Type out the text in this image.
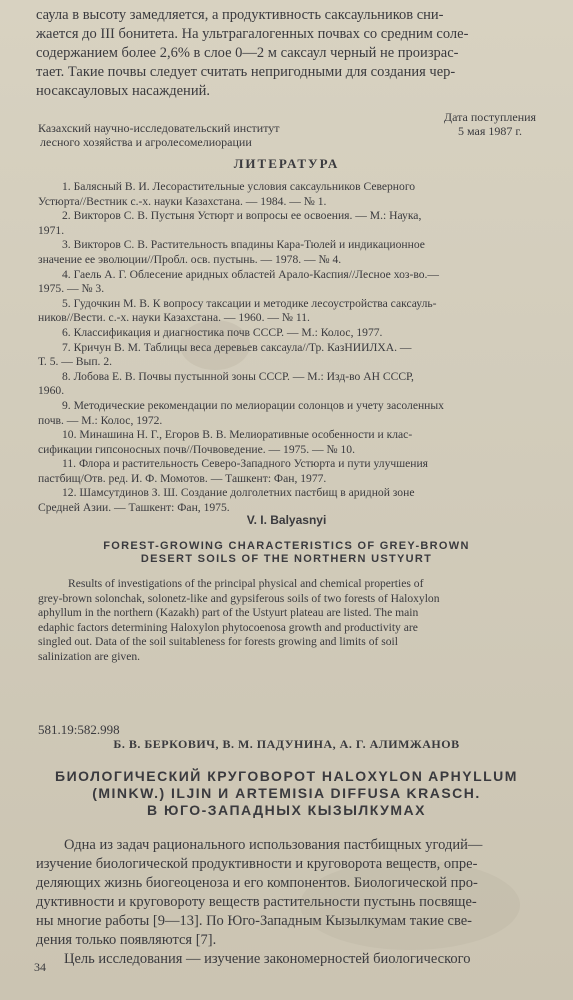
саула в высоту замедляется, а продуктивность саксаульников сни-
жается до III бонитета. На ультрагалогенных почвах со средним соле-
содержанием более 2,6% в слое 0—2 м саксаул черный не произрас-
тает. Такие почвы следует считать непригодными для создания чер-
носаксауловых насаждений.
Казахский научно-исследовательский институт
лесного хозяйства и агролесомелиорации
Дата поступления
5 мая 1987 г.
ЛИТЕРАТУРА
1. Балясный В. И. Лесорастительные условия саксаульников Северного
Устюрта//Вестник с.-х. науки Казахстана. — 1984. — № 1.
2. Викторов С. В. Пустыня Устюрт и вопросы ее освоения. — М.: Наука,
1971.
3. Викторов С. В. Растительность впадины Кара-Тюлей и индикационное
значение ее эволюции//Пробл. осв. пустынь. — 1978. — № 4.
4. Гаель А. Г. Облесение аридных областей Арало-Каспия//Лесное хоз-во.—
1975. — № 3.
5. Гудочкин М. В. К вопросу таксации и методике лесоустройства саксауль-
ников//Вести. с.-х. науки Казахстана. — 1960. — № 11.
6. Классификация и диагностика почв СССР. — М.: Колос, 1977.
7. Кричун В. М. Таблицы веса деревьев саксаула//Тр. КазНИИЛХА. —
Т. 5. — Вып. 2.
8. Лобова Е. В. Почвы пустынной зоны СССР. — М.: Изд-во АН СССР,
1960.
9. Методические рекомендации по мелиорации солонцов и учету засоленных
почв. — М.: Колос, 1972.
10. Минашина Н. Г., Егоров В. В. Мелиоративные особенности и клас-
сификации гипсоносных почв//Почвоведение. — 1975. — № 10.
11. Флора и растительность Северо-Западного Устюрта и пути улучшения
пастбищ/Отв. ред. И. Ф. Момотов. — Ташкент: Фан, 1977.
12. Шамсутдинов З. Ш. Создание долголетних пастбищ в аридной зоне
Средней Азии. — Ташкент: Фан, 1975.
V. I. Balyasnyi
FOREST-GROWING CHARACTERISTICS OF GREY-BROWN
DESERT SOILS OF THE NORTHERN USTYURT
Results of investigations of the principal physical and chemical properties of
grey-brown solonchak, solonetz-like and gypsiferous soils of two forests of Haloxylon
aphyllum in the northern (Kazakh) part of the Ustyurt plateau are listed. The main
edaphic factors determining Haloxylon phytocoenosa growth and productivity are
singled out. Data of the soil suitableness for forests growing and limits of soil
salinization are given.
581.19:582.998
Б. В. БЕРКОВИЧ, В. М. ПАДУНИНА, А. Г. АЛИМЖАНОВ
БИОЛОГИЧЕСКИЙ КРУГОВОРОТ HALOXYLON APHYLLUM
(MINKW.) ILJIN И ARTEMISIA DIFFUSA KRASCH.
В ЮГО-ЗАПАДНЫХ КЫЗЫЛКУМАХ
Одна из задач рационального использования пастбищных угодий—
изучение биологической продуктивности и круговорота веществ, опре-
деляющих жизнь биогеоценоза и его компонентов. Биологической про-
дуктивности и круговороту веществ растительности пустынь посвяще-
ны многие работы [9—13]. По Юго-Западным Кызылкумам такие све-
дения только появляются [7].
Цель исследования — изучение закономерностей биологического
34
